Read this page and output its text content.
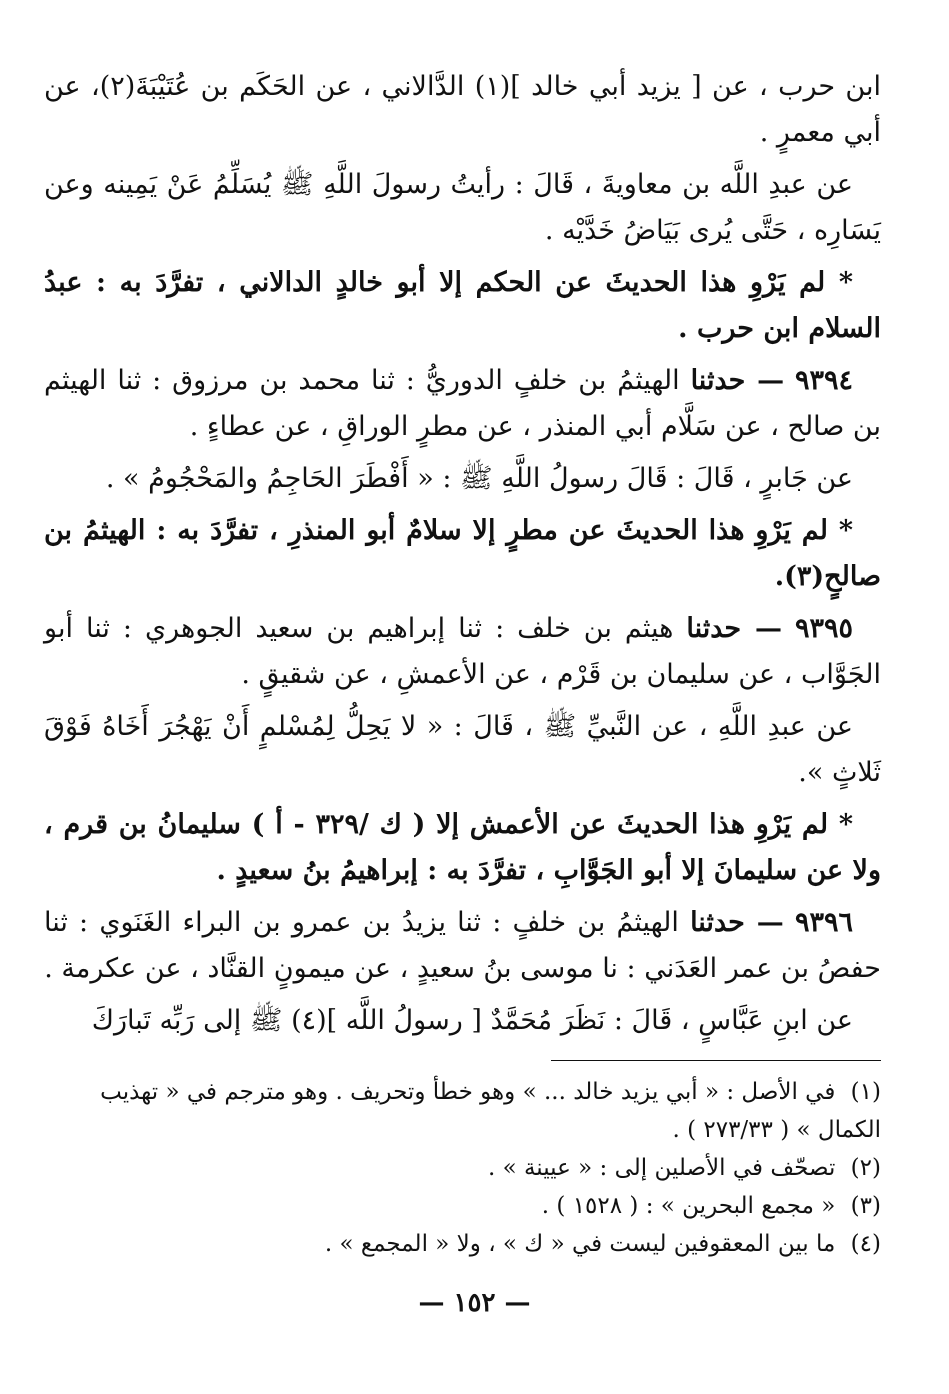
ابن حرب ، عن [ يزيد أبي خالد ](١) الدَّالاني ، عن الحَكَم بن عُتَيْبَةَ(٢)، عن أبي معمرٍ .

عن عبدِ اللَّه بن معاويةَ ، قَالَ : رأيتُ رسولَ اللَّهِ ﷺ يُسَلِّمُ عَنْ يَمِينه وعن يَسَارِه ، حَتَّى يُرى بَيَاضُ خَدَّيْه .

* لم يَرْوِ هذا الحديثَ عن الحكم إلا أبو خالدٍ الدالاني ، تفرَّدَ به : عبدُ السلام ابن حرب .

٩٣٩٤ — حدثنا الهيثمُ بن خلفٍ الدوريُّ : ثنا محمد بن مرزوق : ثنا الهيثم بن صالح ، عن سَلَّام أبي المنذر ، عن مطرٍ الوراقِ ، عن عطاءٍ .

عن جَابرٍ ، قَالَ : قَالَ رسولُ اللَّهِ ﷺ : « أَفْطَرَ الحَاجِمُ والمَحْجُومُ » .

* لم يَرْوِ هذا الحديثَ عن مطرٍ إلا سلامٌ أبو المنذرِ ، تفرَّدَ به : الهيثمُ بن صالحٍ(٣).

٩٣٩٥ — حدثنا هيثم بن خلف : ثنا إبراهيم بن سعيد الجوهري : ثنا أبو الجَوَّاب ، عن سليمان بن قَرْم ، عن الأعمشِ ، عن شقيقٍ .

عن عبدِ اللَّهِ ، عن النَّبيِّ ﷺ ، قَالَ : « لا يَحِلُّ لِمُسْلمٍ أَنْ يَهْجُرَ أَخَاهُ فَوْقَ ثَلاثٍ ».

* لم يَرْوِ هذا الحديثَ عن الأعمش إلا ( ك /٣٢٩ - أ ) سليمانُ بن قرم ، ولا عن سليمانَ إلا أبو الجَوَّابِ ، تفرَّدَ به : إبراهيمُ بنُ سعيدٍ .

٩٣٩٦ — حدثنا الهيثمُ بن خلفٍ : ثنا يزيدُ بن عمرو بن البراء الغَنَوي : ثنا حفصُ بن عمر العَدَني : نا موسى بنُ سعيدٍ ، عن ميمونٍ القنَّاد ، عن عكرمة .

عن ابنِ عَبَّاسٍ ، قَالَ : نَظَرَ مُحَمَّدٌ [ رسولُ اللَّه ](٤) ﷺ إلى رَبِّه تَبارَكَ

(١) في الأصل : « أبي يزيد خالد ... » وهو خطأ وتحريف . وهو مترجم في « تهذيب الكمال » ( ٢٧٣/٣٣ ) .

(٢) تصحّف في الأصلين إلى : « عيينة » .

(٣) « مجمع البحرين » : ( ١٥٢٨ ) .

(٤) ما بين المعقوفين ليست في « ك » ، ولا « المجمع » .

— ١٥٢ —
